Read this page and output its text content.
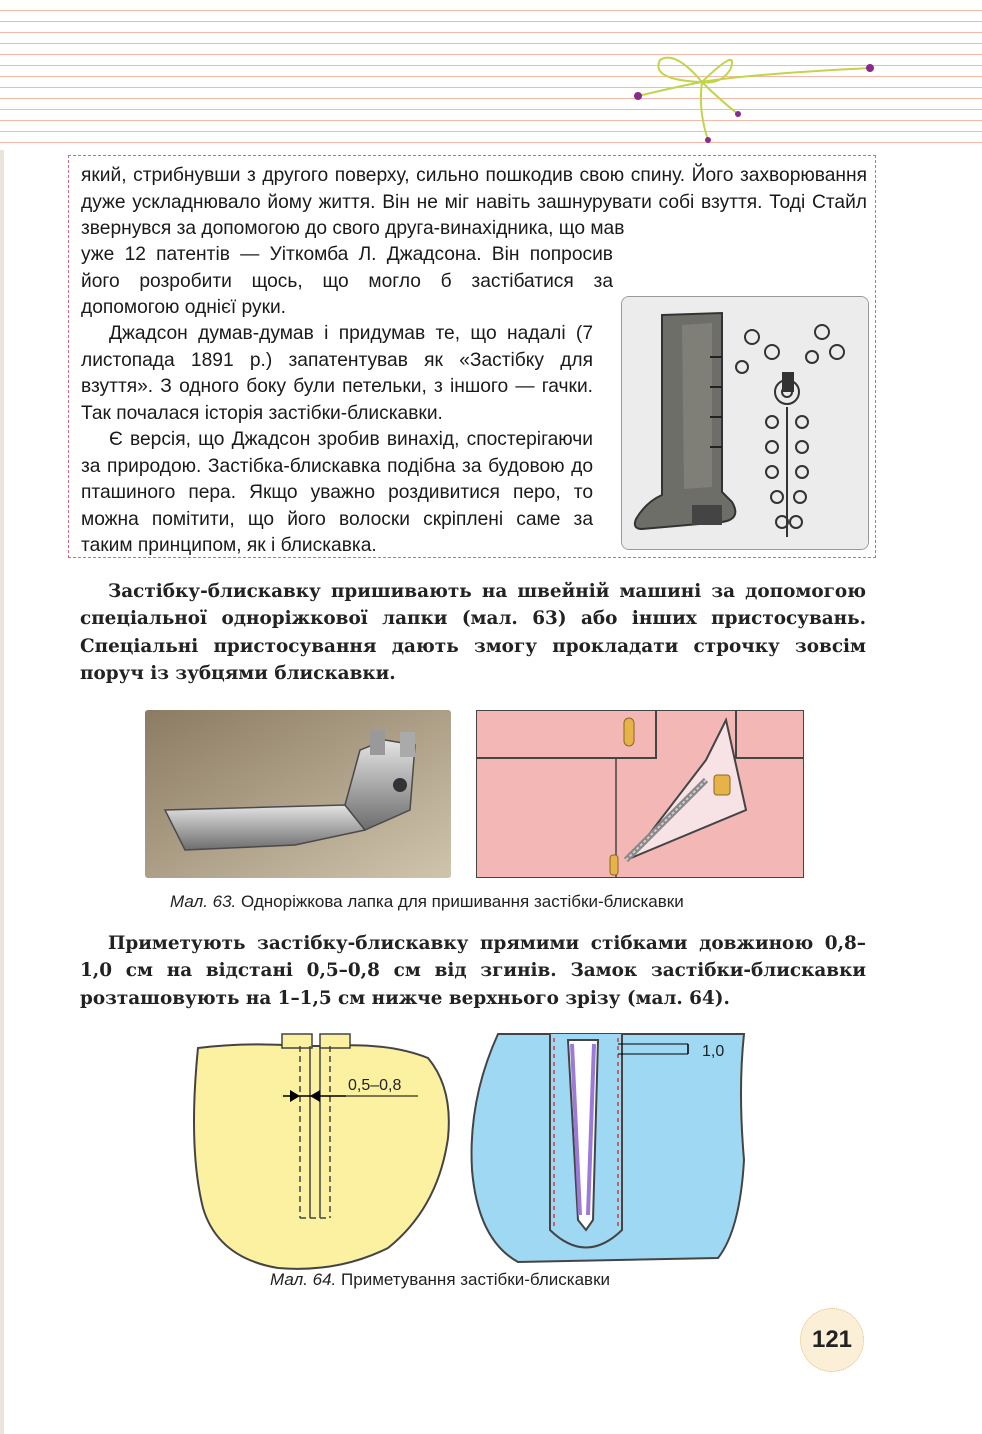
який, стрибнувши з другого поверху, сильно пошкодив свою спину. Його захворювання дуже ускладнювало йому життя. Він не міг навіть зашнурувати собі взуття. Тоді Стайл звернувся за допомогою до свого друга-винахідника, що мав

уже 12 патентів — Уіткомба Л. Джадсона. Він попросив його розробити щось, що могло б застібатися за допомогою однієї руки.

Джадсон думав-думав і придумав те, що надалі (7 листопада 1891 р.) запатентував як «Застібку для взуття». З одного боку були петельки, з іншого — гачки. Так почалася історія застібки-блискавки.

Є версія, що Джадсон зробив винахід, спостерігаючи за природою. Застібка-блискавка подібна за будовою до пташиного пера. Якщо уважно роздивитися перо, то можна помітити, що його волоски скріплені саме за таким принципом, як і блискавка.

Застібку-блискавку пришивають на швейній машині за допомогою спеціальної одноріжкової лапки (мал. 63) або інших пристосувань. Спеціальні пристосування дають змогу прокладати строчку зовсім поруч із зубцями блискавки.

Мал. 63. Одноріжкова лапка для пришивання застібки-блискавки

Приметують застібку-блискавку прямими стібками довжиною 0,8–1,0 см на відстані 0,5–0,8 см від згинів. Замок застібки-блискавки розташовують на 1–1,5 см нижче верхнього зрізу (мал. 64).

0,5–0,8
1,0
Мал. 64. Приметування застібки-блискавки
121
